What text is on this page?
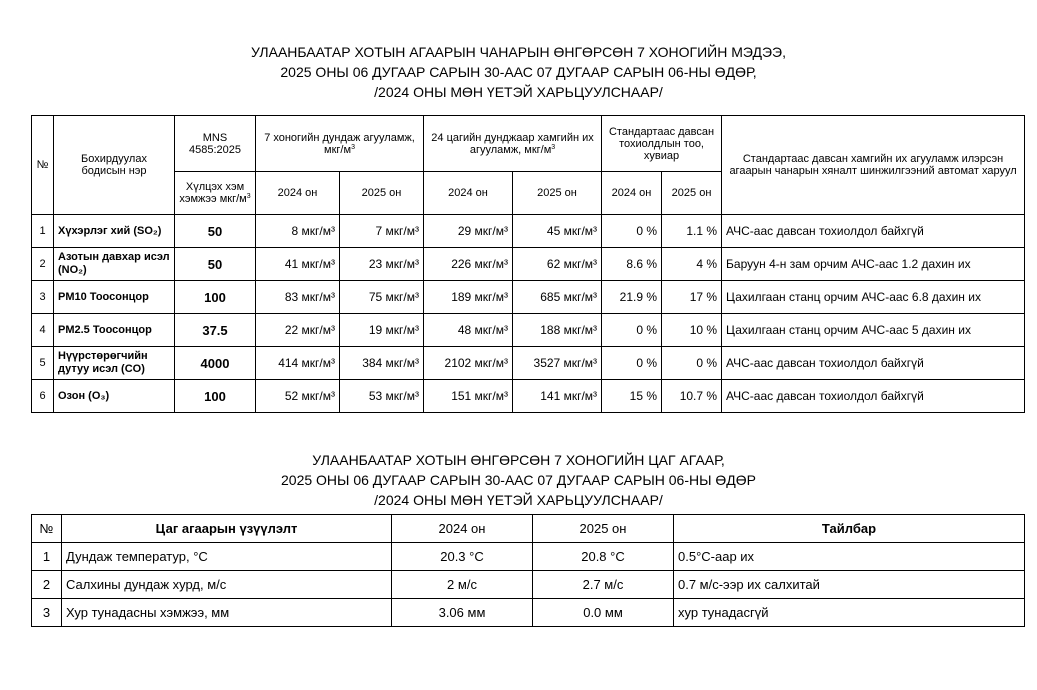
УЛААНБААТАР ХОТЫН АГААРЫН ЧАНАРЫН ӨНГӨРСӨН 7 ХОНОГИЙН МЭДЭЭ,
2025 ОНЫ 06 ДУГААР САРЫН 30-ААС 07 ДУГААР САРЫН 06-НЫ ӨДӨР,
/2024 ОНЫ МӨН ҮЕТЭЙ ХАРЬЦУУЛСНААР/
№	Бохирдуулах бодисын нэр	MNS 4585:2025	7 хоногийн дундаж агууламж, мкг/$м^3$		24 цагийн дунджаар хамгийн их агууламж, мкг/$м^3$		Стандартаас давсан тохиолдлын тоо, хувиар		Стандартаас давсан хамгийн их агууламж илэрсэн агаарын чанарын хяналт шинжилгээний автомат харуул
		Хүлцэх хэм хэмжээ мкг/$м^3$	2024 он	2025 он	2024 он	2025 он	2024 он	2025 он	
1	Хүхэрлэг хий (SO₂)	50	8 мкг/м³	7 мкг/м³	29 мкг/м³	45 мкг/м³	0 %	1.1 %	АЧС-аас давсан тохиолдол байхгүй
2	Азотын давхар исэл (NO₂)	50	41 мкг/м³	23 мкг/м³	226 мкг/м³	62 мкг/м³	8.6 %	4 %	Баруун 4-н зам орчим АЧС-аас 1.2 дахин их
3	PM10 Тоосонцор	100	83 мкг/м³	75 мкг/м³	189 мкг/м³	685 мкг/м³	21.9 %	17 %	Цахилгаан станц орчим АЧС-аас 6.8 дахин их
4	PM2.5 Тоосонцор	37.5	22 мкг/м³	19 мкг/м³	48 мкг/м³	188 мкг/м³	0 %	10 %	Цахилгаан станц орчим АЧС-аас 5 дахин их
5	Нүүрстөрөгчийн дутуу исэл (CO)	4000	414 мкг/м³	384 мкг/м³	2102 мкг/м³	3527 мкг/м³	0 %	0 %	АЧС-аас давсан тохиолдол байхгүй
6	Озон (O₃)	100	52 мкг/м³	53 мкг/м³	151 мкг/м³	141 мкг/м³	15 %	10.7 %	АЧС-аас давсан тохиолдол байхгүй
УЛААНБААТАР ХОТЫН ӨНГӨРСӨН 7 ХОНОГИЙН ЦАГ АГААР,
2025 ОНЫ 06 ДУГААР САРЫН 30-ААС 07 ДУГААР САРЫН 06-НЫ ӨДӨР
/2024 ОНЫ МӨН ҮЕТЭЙ ХАРЬЦУУЛСНААР/
№	Цаг агаарын үзүүлэлт	2024 он	2025 он	Тайлбар
1	Дундаж температур, °C	20.3 °C	20.8 °C	0.5°C-аар их
2	Салхины дундаж хурд, м/с	2 м/с	2.7 м/с	0.7 м/с-ээр их салхитай
3	Хур тунадасны хэмжээ, мм	3.06 мм	0.0 мм	хур тунадасгүй
